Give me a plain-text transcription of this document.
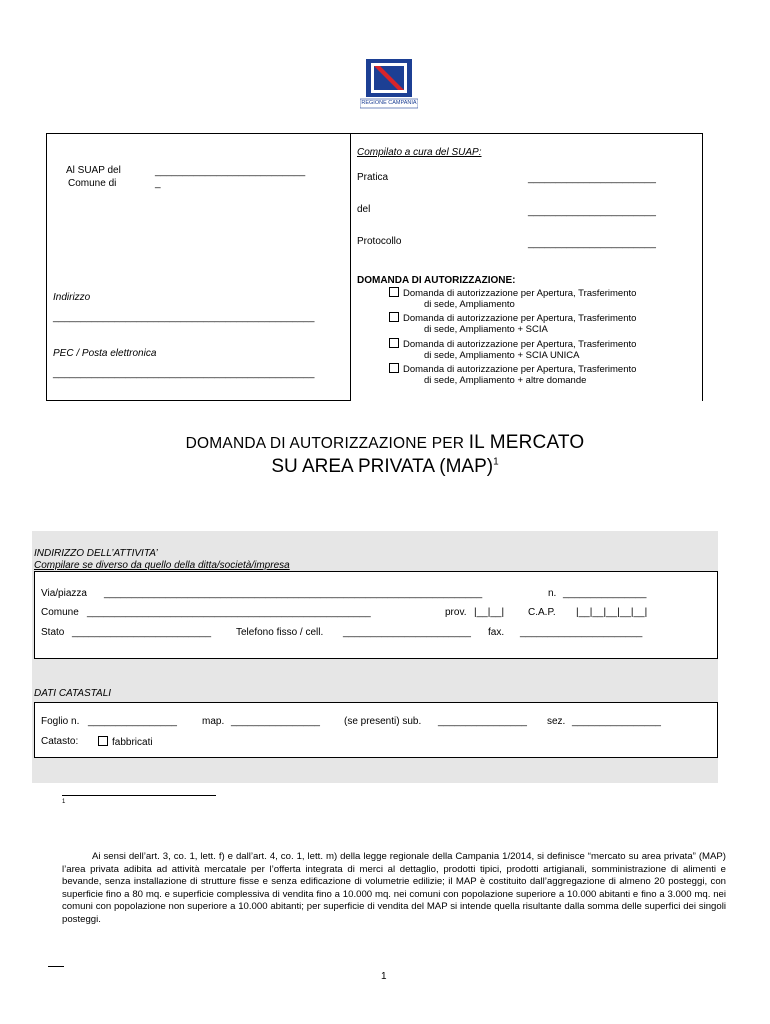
REGIONE CAMPANIA
Al SUAP del
Comune di
___________________________
_
Indirizzo
_______________________________________________
PEC / Posta elettronica
_______________________________________________
Compilato a cura del SUAP:
Pratica	_______________________
del	_______________________
Protocollo	_______________________
DOMANDA DI AUTORIZZAZIONE:
Domanda di autorizzazione per Apertura, Trasferimento
di sede, Ampliamento
Domanda di autorizzazione per Apertura, Trasferimento
di sede, Ampliamento + SCIA
Domanda di autorizzazione per Apertura, Trasferimento
di sede, Ampliamento + SCIA UNICA
Domanda di autorizzazione per Apertura, Trasferimento
di sede, Ampliamento + altre domande
DOMANDA DI AUTORIZZAZIONE PER IL MERCATO
SU AREA PRIVATA (MAP)$^1$
INDIRIZZO DELL’ATTIVITA’
Compilare se diverso da quello della ditta/società/impresa
Via/piazza ____________________________________________________________________	n. _______________
Comune ___________________________________________________	prov. |__|__| C.A.P. |__|__|__|__|__|
Stato _________________________ Telefono fisso / cell. _______________________ fax. ______________________
DATI CATASTALI
Foglio n. ________________	map. ________________ (se presenti) sub. ________________ sez. ________________
Catasto:	fabbricati
1
Ai sensi dell’art. 3, co. 1, lett. f) e dall’art. 4, co. 1, lett. m) della legge regionale della Campania 1/2014, si definisce “mercato su area privata” (MAP) l’area privata adibita ad attività mercatale per l’offerta integrata di merci al dettaglio, prodotti tipici, prodotti artigianali, somministrazione di alimenti e bevande, senza installazione di strutture fisse e senza edificazione di volumetrie edilizie; il MAP è costituito dall’aggregazione di almeno 20 posteggi, con superficie fino a 80 mq. e superficie complessiva di vendita fino a 10.000 mq. nei comuni con popolazione superiore a 10.000 abitanti e fino a 3.000 mq. nei comuni con popolazione non superiore a 10.000 abitanti; per superficie di vendita del MAP si intende quella risultante dalla somma delle superfici dei singoli posteggi.
1
